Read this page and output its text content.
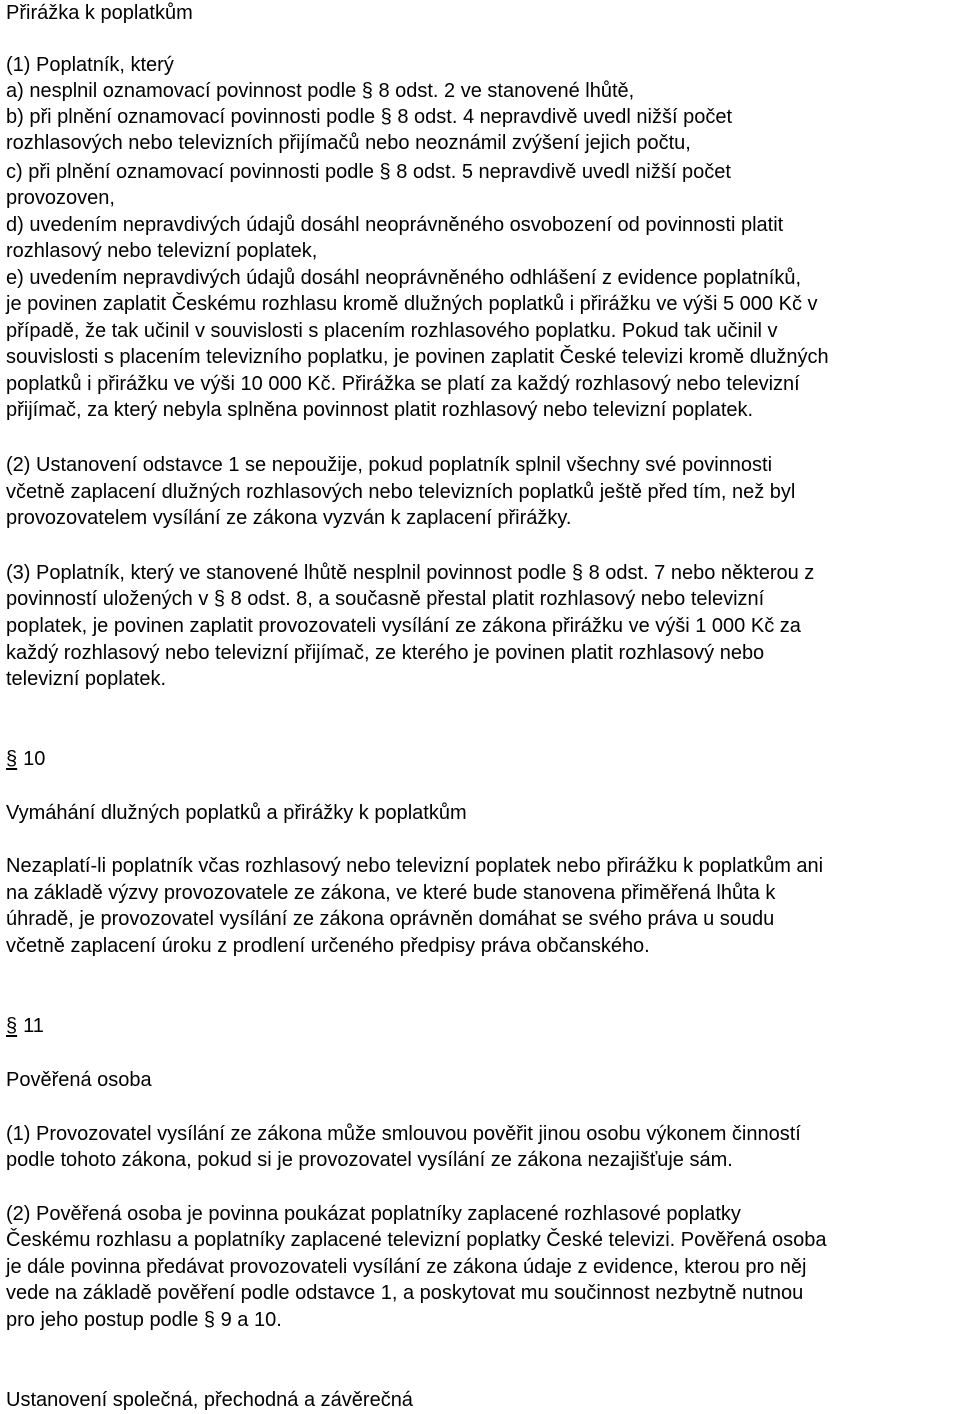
Přirážka k poplatkům
(1) Poplatník, který
a) nesplnil oznamovací povinnost podle § 8 odst. 2 ve stanovené lhůtě,
b) při plnění oznamovací povinnosti podle § 8 odst. 4 nepravdivě uvedl nižší počet
rozhlasových nebo televizních přijímačů nebo neoznámil zvýšení jejich počtu,
c) při plnění oznamovací povinnosti podle § 8 odst. 5 nepravdivě uvedl nižší počet
provozoven,
d) uvedením nepravdivých údajů dosáhl neoprávněného osvobození od povinnosti platit
rozhlasový nebo televizní poplatek,
e) uvedením nepravdivých údajů dosáhl neoprávněného odhlášení z evidence poplatníků,
je povinen zaplatit Českému rozhlasu kromě dlužných poplatků i přirážku ve výši 5 000 Kč v
případě, že tak učinil v souvislosti s placením rozhlasového poplatku. Pokud tak učinil v
souvislosti s placením televizního poplatku, je povinen zaplatit České televizi kromě dlužných
poplatků i přirážku ve výši 10 000 Kč. Přirážka se platí za každý rozhlasový nebo televizní
přijímač, za který nebyla splněna povinnost platit rozhlasový nebo televizní poplatek.
(2) Ustanovení odstavce 1 se nepoužije, pokud poplatník splnil všechny své povinnosti
včetně zaplacení dlužných rozhlasových nebo televizních poplatků ještě před tím, než byl
provozovatelem vysílání ze zákona vyzván k zaplacení přirážky.
(3) Poplatník, který ve stanovené lhůtě nesplnil povinnost podle § 8 odst. 7 nebo některou z
povinností uložených v § 8 odst. 8, a současně přestal platit rozhlasový nebo televizní
poplatek, je povinen zaplatit provozovateli vysílání ze zákona přirážku ve výši 1 000 Kč za
každý rozhlasový nebo televizní přijímač, ze kterého je povinen platit rozhlasový nebo
televizní poplatek.
§ 10
Vymáhání dlužných poplatků a přirážky k poplatkům
Nezaplatí-li poplatník včas rozhlasový nebo televizní poplatek nebo přirážku k poplatkům ani
na základě výzvy provozovatele ze zákona, ve které bude stanovena přiměřená lhůta k
úhradě, je provozovatel vysílání ze zákona oprávněn domáhat se svého práva u soudu
včetně zaplacení úroku z prodlení určeného předpisy práva občanského.
§ 11
Pověřená osoba
(1) Provozovatel vysílání ze zákona může smlouvou pověřit jinou osobu výkonem činností
podle tohoto zákona, pokud si je provozovatel vysílání ze zákona nezajišťuje sám.
(2) Pověřená osoba je povinna poukázat poplatníky zaplacené rozhlasové poplatky
Českému rozhlasu a poplatníky zaplacené televizní poplatky České televizi. Pověřená osoba
je dále povinna předávat provozovateli vysílání ze zákona údaje z evidence, kterou pro něj
vede na základě pověření podle odstavce 1, a poskytovat mu součinnost nezbytně nutnou
pro jeho postup podle § 9 a 10.
Ustanovení společná, přechodná a závěrečná
